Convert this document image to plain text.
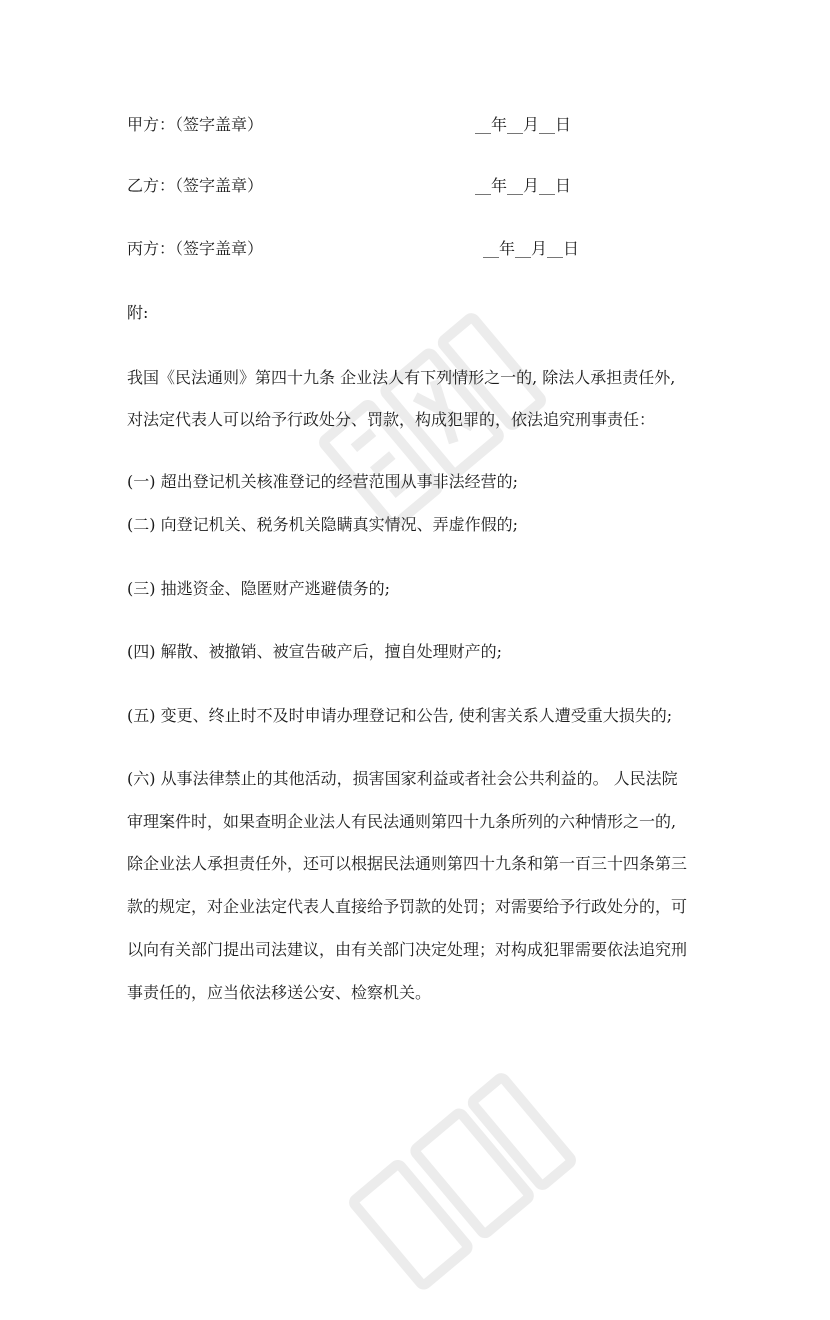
甲方：（签字盖章）	__年__月__日
乙方：（签字盖章）	__年__月__日
丙方：（签字盖章）	__年__月__日
附:
我国《民法通则》第四十九条 企业法人有下列情形之一的, 除法人承担责任外,
对法定代表人可以给予行政处分、罚款，构成犯罪的，依法追究刑事责任：
(一) 超出登记机关核准登记的经营范围从事非法经营的;
(二) 向登记机关、税务机关隐瞒真实情况、弄虚作假的;
(三) 抽逃资金、隐匿财产逃避债务的;
(四) 解散、被撤销、被宣告破产后，擅自处理财产的;
(五) 变更、终止时不及时申请办理登记和公告, 使利害关系人遭受重大损失的;
(六) 从事法律禁止的其他活动，损害国家利益或者社会公共利益的。 人民法院
审理案件时，如果查明企业法人有民法通则第四十九条所列的六种情形之一的,
除企业法人承担责任外，还可以根据民法通则第四十九条和第一百三十四条第三
款的规定，对企业法定代表人直接给予罚款的处罚；对需要给予行政处分的，可
以向有关部门提出司法建议，由有关部门决定处理；对构成犯罪需要依法追究刑
事责任的，应当依法移送公安、检察机关。
